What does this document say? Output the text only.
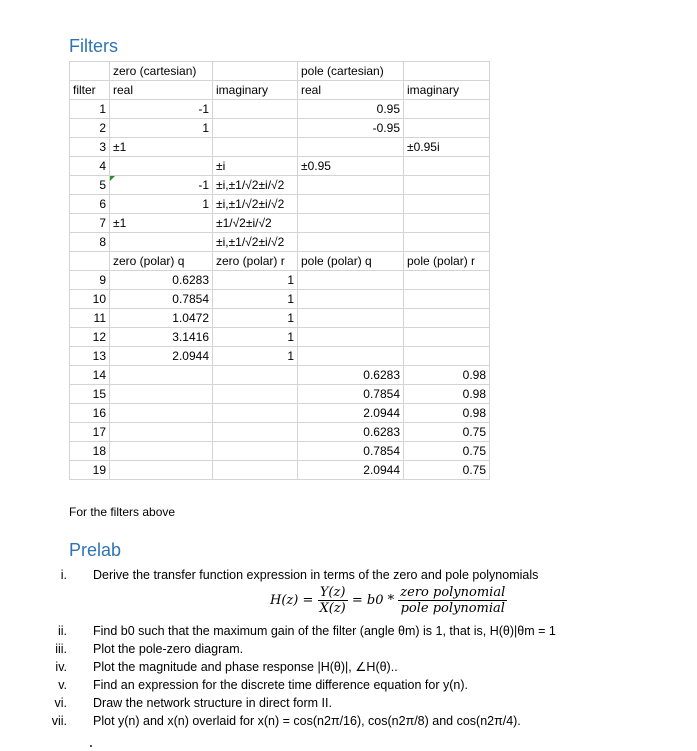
Filters
	zero (cartesian)		pole (cartesian)	
filter	real	imaginary	real	imaginary
1	-1		0.95	
2	1		-0.95	
3	±1			±0.95i
4		±i	±0.95	
5	-1	±i,±1/√2±i/√2		
6	1	±i,±1/√2±i/√2		
7	±1	±1/√2±i/√2		
8		±i,±1/√2±i/√2		
	zero (polar) q	zero (polar) r	pole (polar) q	pole (polar) r
9	0.6283	1		
10	0.7854	1		
11	1.0472	1		
12	3.1416	1		
13	2.0944	1		
14			0.6283	0.98
15			0.7854	0.98
16			2.0944	0.98
17			0.6283	0.75
18			0.7854	0.75
19			2.0944	0.75
For the filters above
Prelab
i. Derive the transfer function expression in terms of the zero and pole polynomials
ii. Find b0 such that the maximum gain of the filter (angle θm) is 1, that is, H(θ)|θm = 1
iii. Plot the pole-zero diagram.
iv. Plot the magnitude and phase response |H(θ)|, ∠H(θ)..
v. Find an expression for the discrete time difference equation for y(n).
vi. Draw the network structure in direct form II.
vii. Plot y(n) and x(n) overlaid for x(n) = cos(n2π/16), cos(n2π/8) and cos(n2π/4).
$H(z) = \frac{Y(z)}{X(z)} = b0 * \frac{\text{zero polynomial}}{\text{pole polynomial}}$
